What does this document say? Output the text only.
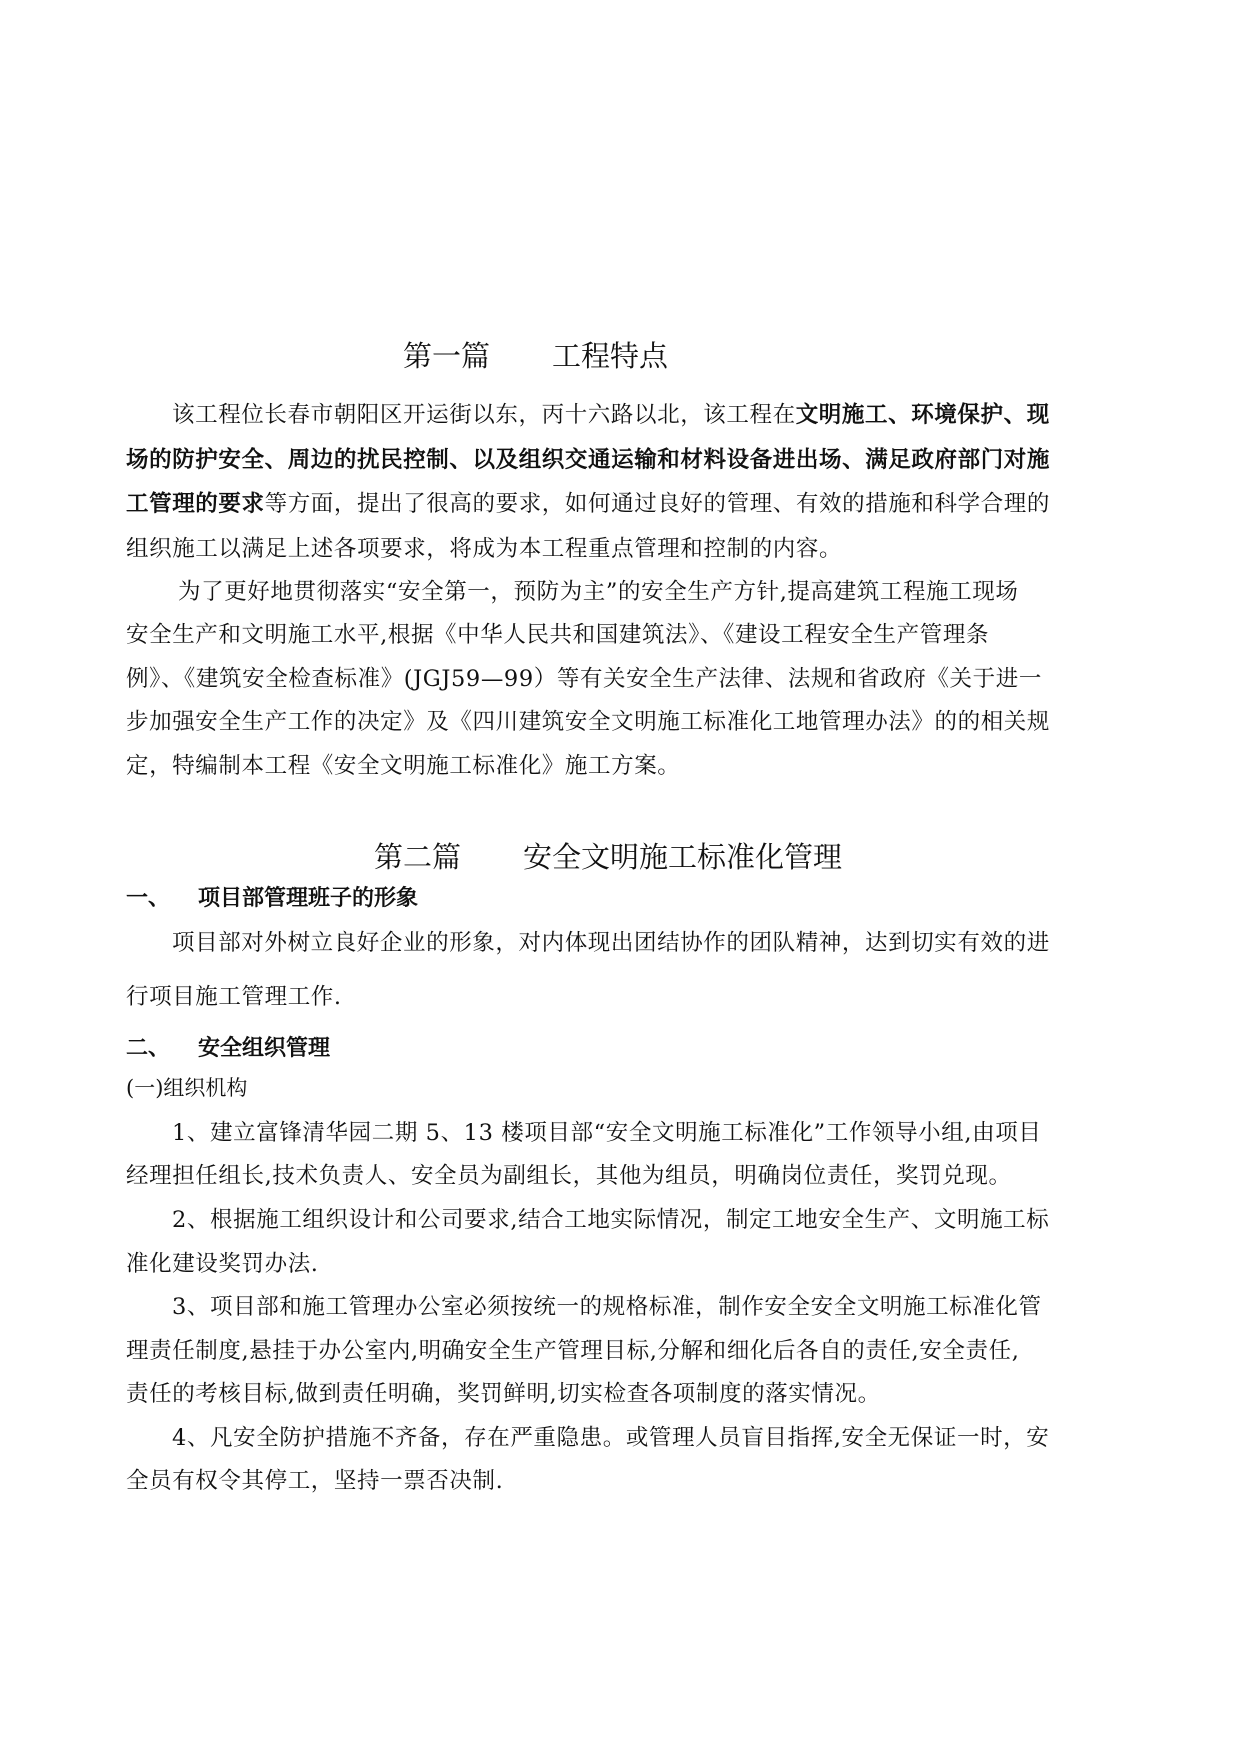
第一篇 工程特点
该工程位长春市朝阳区开运街以东，丙十六路以北，该工程在文明施工、环境保护、现
场的防护安全、周边的扰民控制、以及组织交通运输和材料设备进出场、满足政府部门对施
工管理的要求等方面，提出了很高的要求，如何通过良好的管理、有效的措施和科学合理的
组织施工以满足上述各项要求，将成为本工程重点管理和控制的内容。
为了更好地贯彻落实“安全第一，预防为主”的安全生产方针,提高建筑工程施工现场
安全生产和文明施工水平,根据《中华人民共和国建筑法》、《建设工程安全生产管理条
例》、《建筑安全检查标准》(JGJ59—99）等有关安全生产法律、法规和省政府《关于进一
步加强安全生产工作的决定》及《四川建筑安全文明施工标准化工地管理办法》的的相关规
定，特编制本工程《安全文明施工标准化》施工方案。
第二篇 安全文明施工标准化管理
一、 项目部管理班子的形象
项目部对外树立良好企业的形象，对内体现出团结协作的团队精神，达到切实有效的进
行项目施工管理工作.
二、 安全组织管理
(一)组织机构
1、建立富锋清华园二期 5、13 楼项目部“安全文明施工标准化”工作领导小组,由项目
经理担任组长,技术负责人、安全员为副组长，其他为组员，明确岗位责任，奖罚兑现。
2、根据施工组织设计和公司要求,结合工地实际情况，制定工地安全生产、文明施工标
准化建设奖罚办法.
3、项目部和施工管理办公室必须按统一的规格标准，制作安全安全文明施工标准化管
理责任制度,悬挂于办公室内,明确安全生产管理目标,分解和细化后各自的责任,安全责任,
责任的考核目标,做到责任明确，奖罚鲜明,切实检查各项制度的落实情况。
4、凡安全防护措施不齐备，存在严重隐患。或管理人员盲目指挥,安全无保证一时，安
全员有权令其停工，坚持一票否决制.
